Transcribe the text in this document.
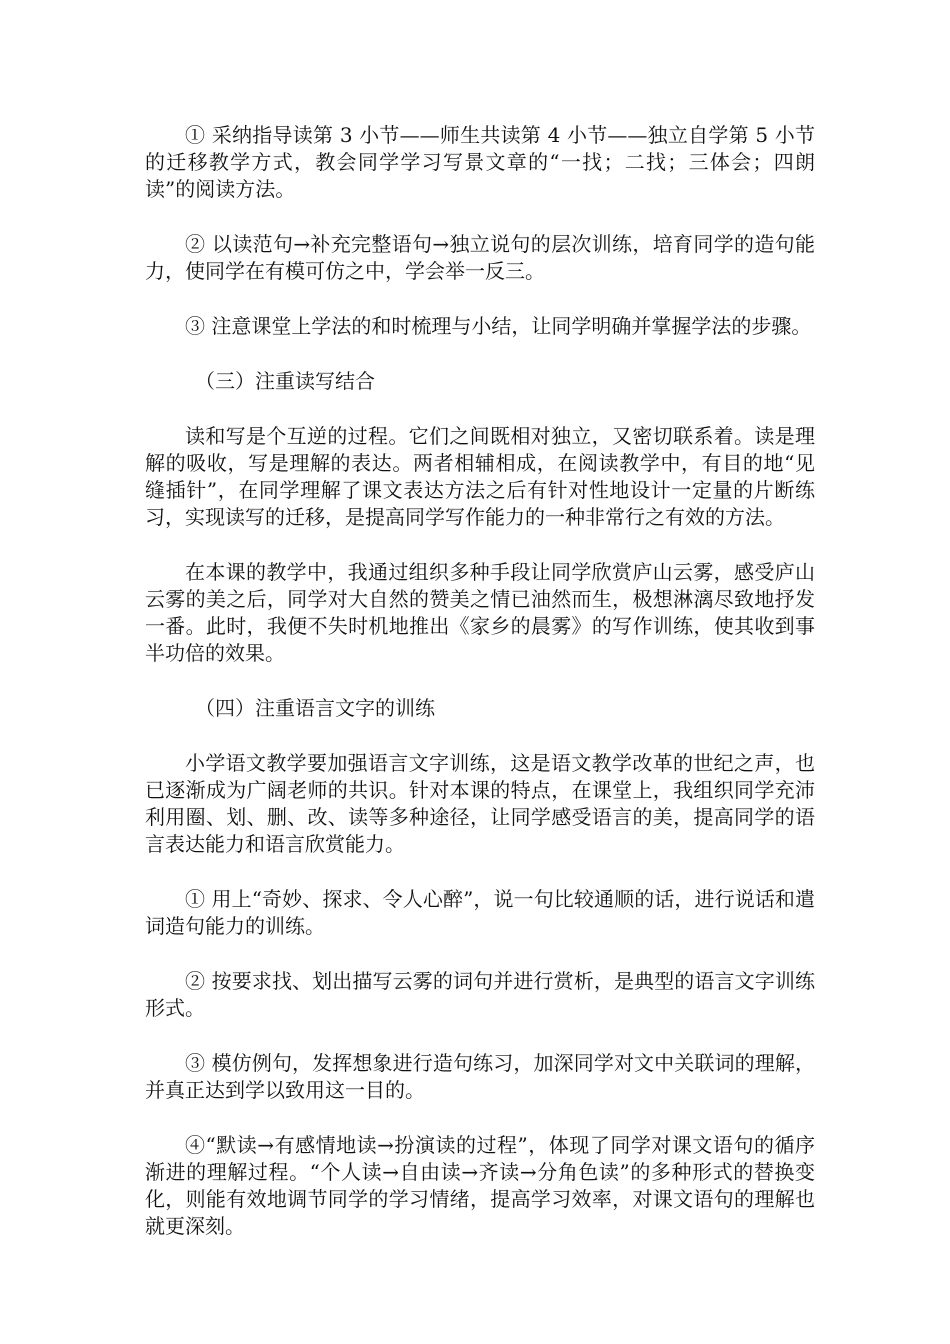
① 采纳指导读第 3 小节——师生共读第 4 小节——独立自学第 5 小节的迁移教学方式，教会同学学习写景文章的“一找；二找；三体会；四朗读”的阅读方法。

② 以读范句→补充完整语句→独立说句的层次训练，培育同学的造句能力，使同学在有模可仿之中，学会举一反三。

③ 注意课堂上学法的和时梳理与小结，让同学明确并掌握学法的步骤。

（三）注重读写结合

读和写是个互逆的过程。它们之间既相对独立，又密切联系着。读是理解的吸收，写是理解的表达。两者相辅相成，在阅读教学中，有目的地“见缝插针”，在同学理解了课文表达方法之后有针对性地设计一定量的片断练习，实现读写的迁移，是提高同学写作能力的一种非常行之有效的方法。

在本课的教学中，我通过组织多种手段让同学欣赏庐山云雾，感受庐山云雾的美之后，同学对大自然的赞美之情已油然而生，极想淋漓尽致地抒发一番。此时，我便不失时机地推出《家乡的晨雾》的写作训练，使其收到事半功倍的效果。

（四）注重语言文字的训练

小学语文教学要加强语言文字训练，这是语文教学改革的世纪之声，也已逐渐成为广阔老师的共识。针对本课的特点，在课堂上，我组织同学充沛利用圈、划、删、改、读等多种途径，让同学感受语言的美，提高同学的语言表达能力和语言欣赏能力。

① 用上“奇妙、探求、令人心醉”，说一句比较通顺的话，进行说话和遣词造句能力的训练。

② 按要求找、划出描写云雾的词句并进行赏析，是典型的语言文字训练形式。

③ 模仿例句，发挥想象进行造句练习，加深同学对文中关联词的理解，并真正达到学以致用这一目的。

④“默读→有感情地读→扮演读的过程”，体现了同学对课文语句的循序渐进的理解过程。“个人读→自由读→齐读→分角色读”的多种形式的替换变化，则能有效地调节同学的学习情绪，提高学习效率，对课文语句的理解也就更深刻。
